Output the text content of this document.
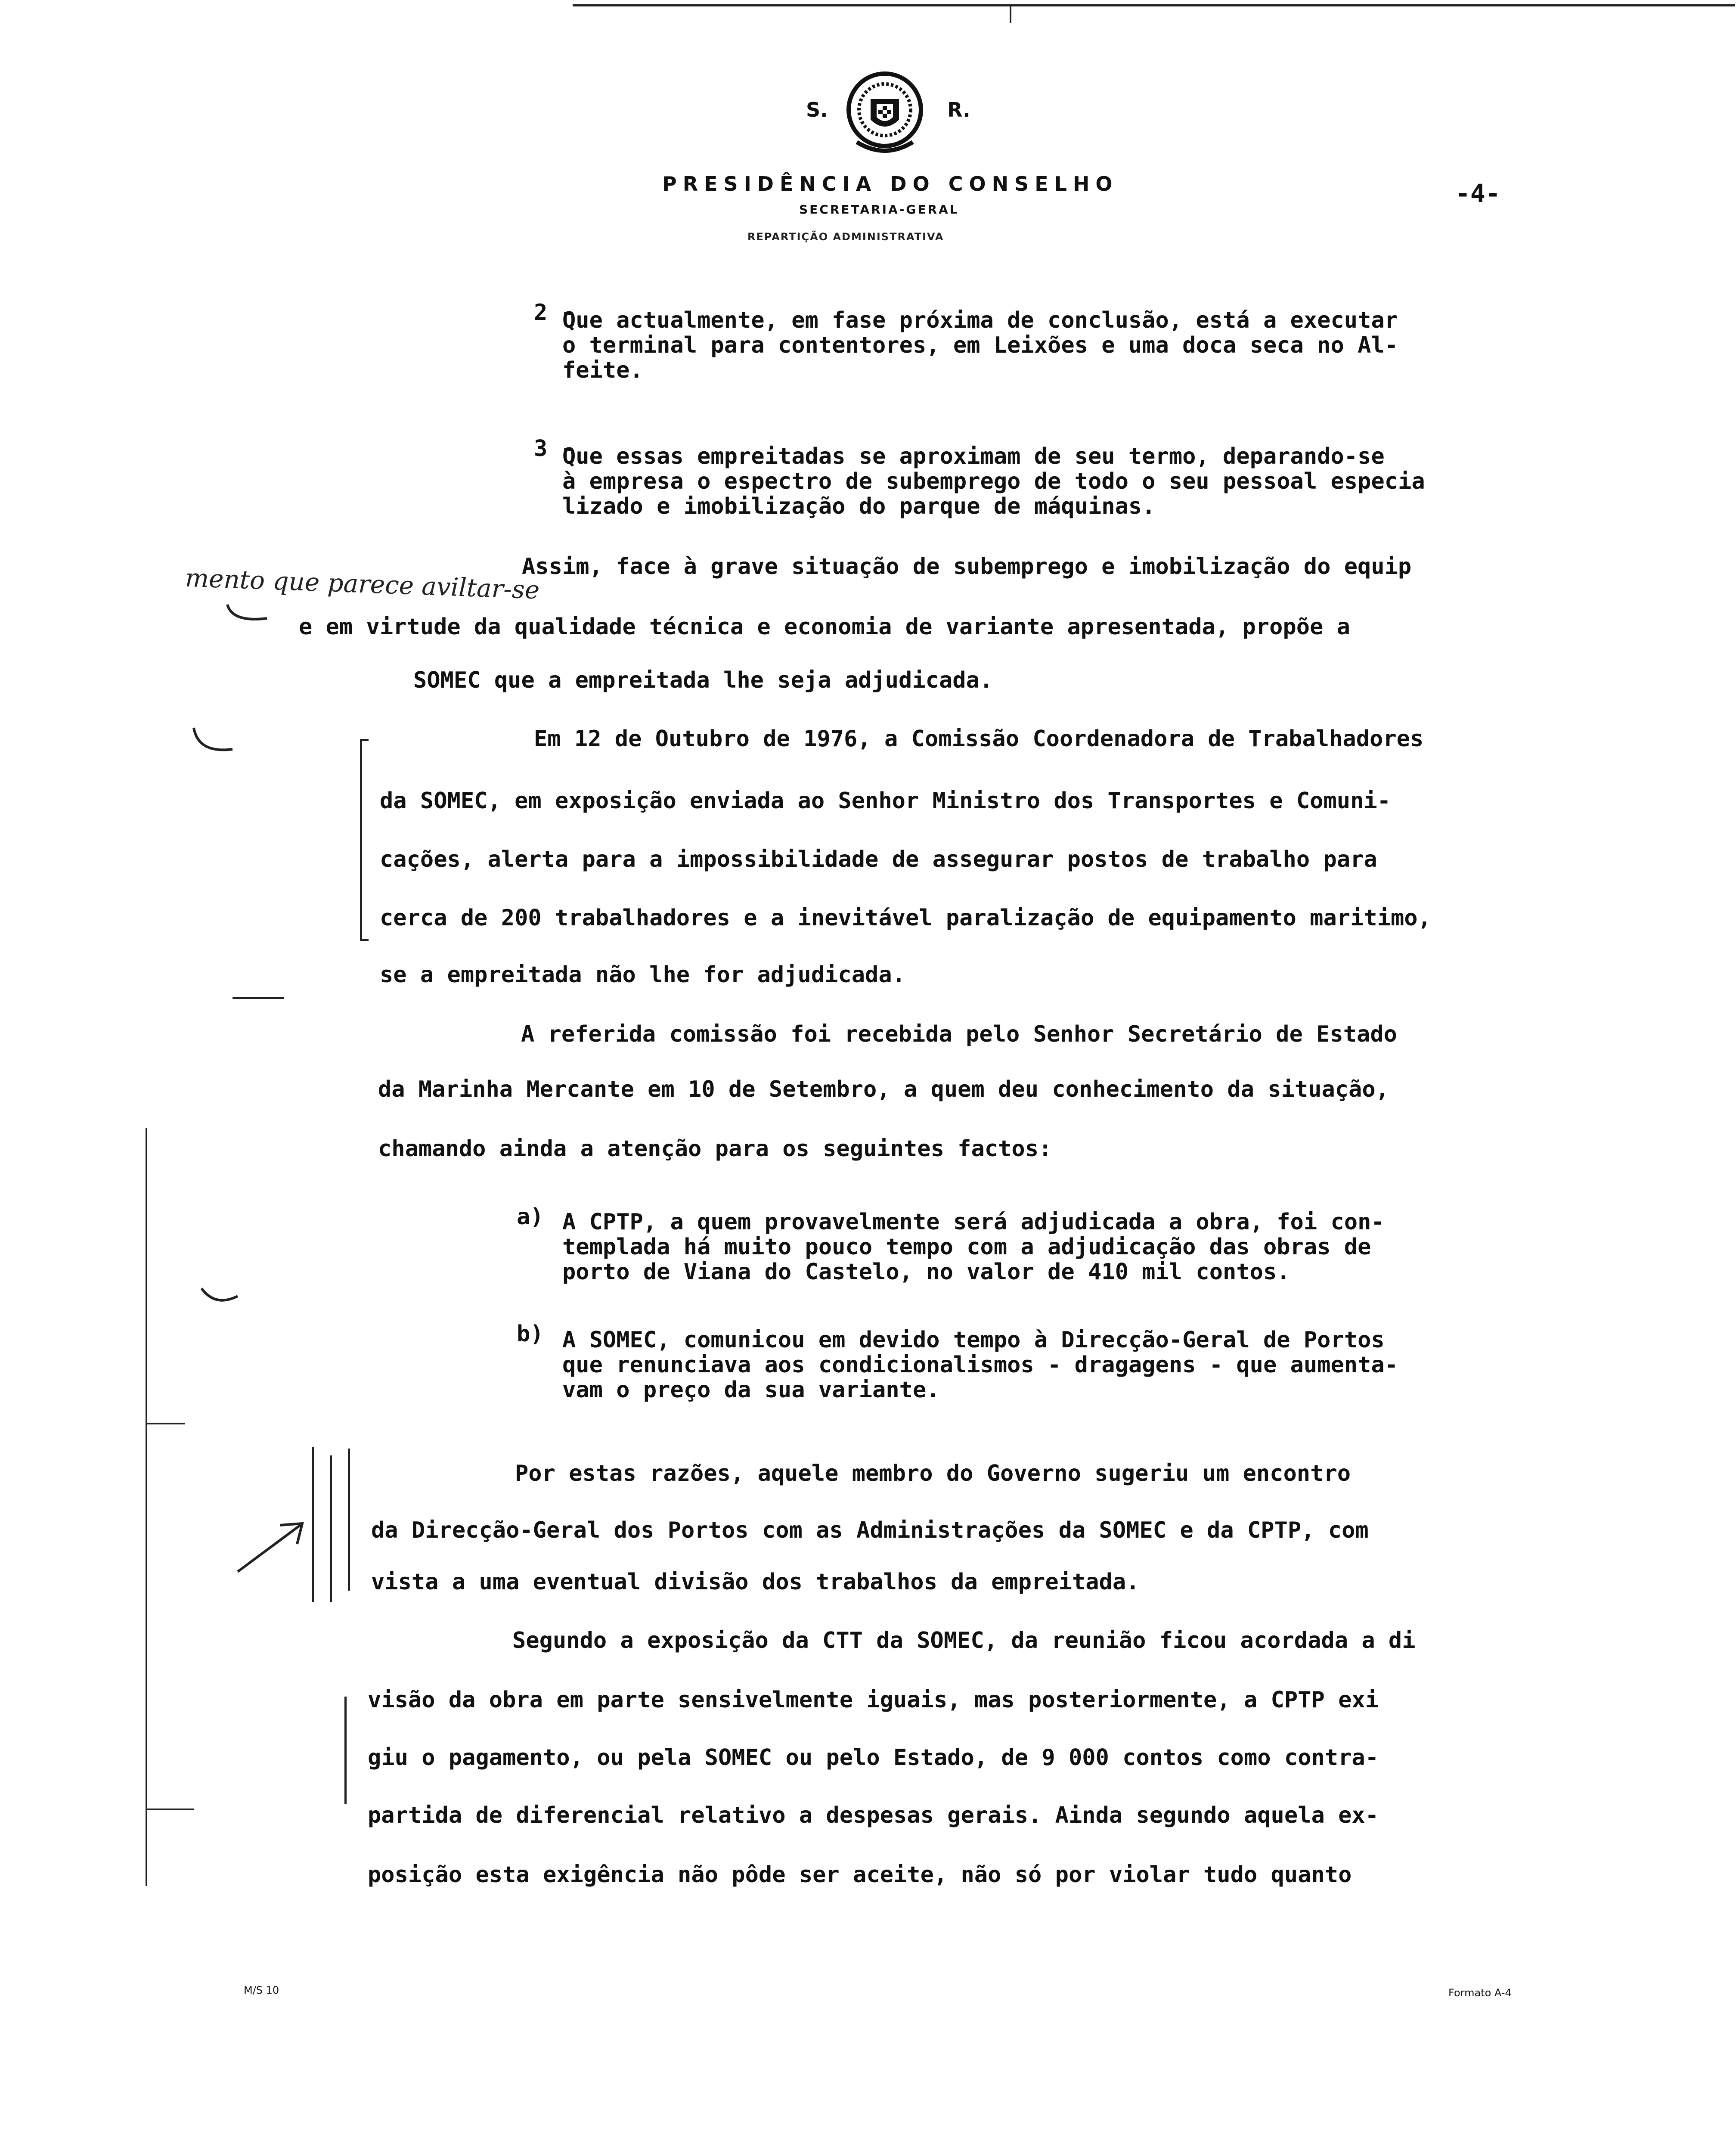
S.	R.
PRESIDÊNCIA DO CONSELHO
SECRETARIA-GERAL
REPARTIÇÃO ADMINISTRATIVA
-4-
2 -
Que actualmente, em fase próxima de conclusão, está a executar
o terminal para contentores, em Leixões e uma doca seca no Al-
feite.
3 -
Que essas empreitadas se aproximam de seu termo, deparando-se
à empresa o espectro de subemprego de todo o seu pessoal especia
lizado e imobilização do parque de máquinas.
Assim, face à grave situação de subemprego e imobilização do equip
e em virtude da qualidade técnica e economia de variante apresentada, propõe a
SOMEC que a empreitada lhe seja adjudicada.
mento que parece aviltar-se
Em 12 de Outubro de 1976, a Comissão Coordenadora de Trabalhadores
da SOMEC, em exposição enviada ao Senhor Ministro dos Transportes e Comuni-
cações, alerta para a impossibilidade de assegurar postos de trabalho para
cerca de 200 trabalhadores e a inevitável paralização de equipamento maritimo,
se a empreitada não lhe for adjudicada.
A referida comissão foi recebida pelo Senhor Secretário de Estado
da Marinha Mercante em 10 de Setembro, a quem deu conhecimento da situação,
chamando ainda a atenção para os seguintes factos:
a) A CPTP, a quem provavelmente será adjudicada a obra, foi con-
templada há muito pouco tempo com a adjudicação das obras de
porto de Viana do Castelo, no valor de 410 mil contos.
b) A SOMEC, comunicou em devido tempo à Direcção-Geral de Portos
que renunciava aos condicionalismos - dragagens - que aumenta-
vam o preço da sua variante.
Por estas razões, aquele membro do Governo sugeriu um encontro
da Direcção-Geral dos Portos com as Administrações da SOMEC e da CPTP, com
vista a uma eventual divisão dos trabalhos da empreitada.
Segundo a exposição da CTT da SOMEC, da reunião ficou acordada a di
visão da obra em parte sensivelmente iguais, mas posteriormente, a CPTP exi
giu o pagamento, ou pela SOMEC ou pelo Estado, de 9 000 contos como contra-
partida de diferencial relativo a despesas gerais. Ainda segundo aquela ex-
posição esta exigência não pôde ser aceite, não só por violar tudo quanto
M/S 10	Formato A-4
